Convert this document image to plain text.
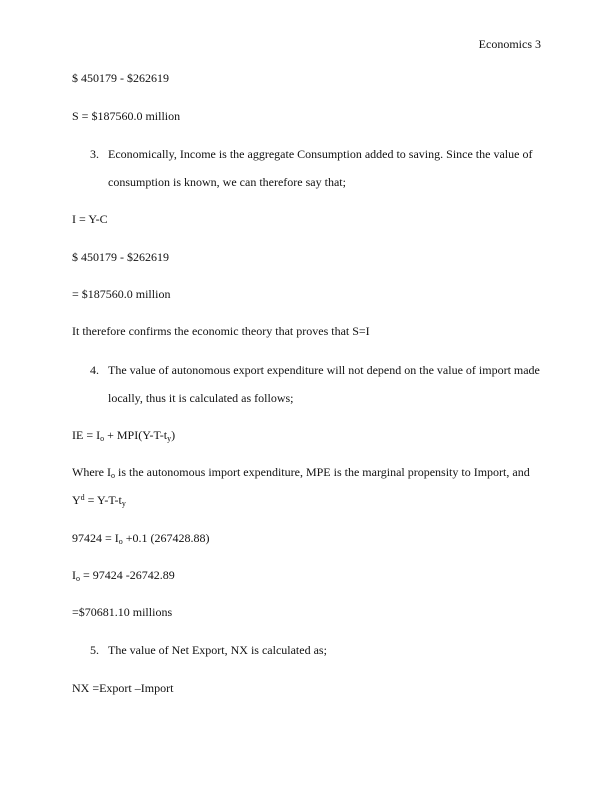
Economics 3
$ 450179 - $262619
S = $187560.0 million
3. Economically, Income is the aggregate Consumption added to saving. Since the value of
consumption is known, we can therefore say that;
I = Y-C
$ 450179 - $262619
= $187560.0 million
It therefore confirms the economic theory that proves that S=I
4. The value of autonomous export expenditure will not depend on the value of import made
locally, thus it is calculated as follows;
IE = $I_o + MPI(Y-T-t_y)$
Where $I_o$ is the autonomous import expenditure, MPE is the marginal propensity to Import, and
$Y^d = Y-T-t_y$
$97424 = I_o +0.1$ (267428.88)
$I_o = 97424$ -26742.89
=$70681.10 millions
5. The value of Net Export, NX is calculated as;
NX =Export –Import
